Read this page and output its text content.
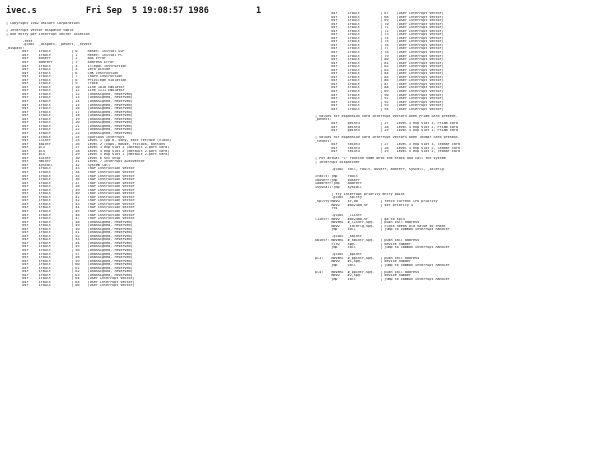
ivec.s	Fri Sep  5 19:08:57 1986	1
| Copyright 1982 UniSoft Corporation

| Interrupt vector dispatch table
| One entry per interrupt vector location

.text
.globl  _dispatc, _pevect, _tevect
_dispatc:
bsr     ifault          | 0     Reset: Initial SSP
bsr     ifault          | 1     Reset: Initial PC
bsr     buserr          | 2     Bus Error
bsr     addrerr         | 3     Address Error
bsr     ifault          | 4     Illegal Instruction
bsr     ifault          | 5     Zero Divide
bsr     ifault          | 6     CHK Instruction
bsr     ifault          | 7     TRAPV Instruction
bsr     ifault          | 8     Privilege Violation
bsr     ifault          | 9     Trace
bsr     ifault          | 10    Line 1010 Emulator
bsr     ifault          | 11    Line 1111 Emulator
bsr     ifault          | 12    (Unassigned, reserved)
bsr     ifault          | 13    (Unassigned, reserved)
bsr     ifault          | 14    (Unassigned, reserved)
bsr     ifault          | 15    (Unassigned, reserved)
bsr     ifault          | 16    (Unassigned, reserved)
bsr     ifault          | 17    (Unassigned, reserved)
bsr     ifault          | 18    (Unassigned, reserved)
bsr     ifault          | 19    (Unassigned, reserved)
bsr     ifault          | 20    (Unassigned, reserved)
bsr     ifault          | 21    (Unassigned, reserved)
bsr     ifault          | 22    (Unassigned, reserved)
bsr     ifault          | 23    (Unassigned, reserved)
bsr     ifault          | 24    Spurious Interrupt
bsr     l1intr          | 25    Level 1 (pp 0, sony, sect retrace (clock)
bsr     kbintr          | 26    Level 2 (cops, mouse, rtclock, buttons
bsr     pl3             | 27    Level 3 exp slot 3 (default 2-port card)
bsr     pl4             | 28    Level 4 exp slot 2 (default 2-port card)
bsr     pl5             | 29    Level 5 exp slot 1 (default 2-port card)
bsr     scintr          | 30    Level 6 scc chip
bsr     nmintr          | 31    Level 7 Interrupt Autovector
bsr     syscall         | 32    System Call
bsr     ifault          | 33    TRAP Instruction Vector
bsr     ifault          | 34    TRAP Instruction Vector
bsr     ifault          | 35    TRAP Instruction Vector
bsr     ifault          | 36    TRAP Instruction Vector
bsr     ifault          | 37    TRAP Instruction Vector
bsr     ifault          | 38    TRAP Instruction Vector
bsr     ifault          | 39    TRAP Instruction Vector
bsr     ifault          | 40    TRAP Instruction Vector
bsr     ifault          | 41    TRAP Instruction Vector
bsr     ifault          | 42    TRAP Instruction Vector
bsr     ifault          | 43    TRAP Instruction Vector
bsr     ifault          | 44    TRAP Instruction Vector
bsr     ifault          | 45    TRAP Instruction Vector
bsr     ifault          | 46    TRAP Instruction Vector
bsr     ifault          | 47    TRAP Instruction Vector
bsr     ifault          | 48    (Unassigned, reserved)
bsr     ifault          | 49    (Unassigned, reserved)
bsr     ifault          | 50    (Unassigned, reserved)
bsr     ifault          | 51    (Unassigned, reserved)
bsr     ifault          | 52    (Unassigned, reserved)
bsr     ifault          | 53    (Unassigned, reserved)
bsr     ifault          | 54    (Unassigned, reserved)
bsr     ifault          | 55    (Unassigned, reserved)
bsr     ifault          | 56    (Unassigned, reserved)
bsr     ifault          | 57    (Unassigned, reserved)
bsr     ifault          | 58    (Unassigned, reserved)
bsr     ifault          | 59    (Unassigned, reserved)
bsr     ifault          | 60    (Unassigned, reserved)
bsr     ifault          | 61    (Unassigned, reserved)
bsr     ifault          | 62    (Unassigned, reserved)
bsr     ifault          | 63    (Unassigned, reserved)
bsr     ifault          | 64    (User Interrupt Vector)
bsr     ifault          | 65    (User Interrupt Vector)
bsr     ifault          | 66    (User Interrupt Vector)
bsr     ifault          | 67    (User Interrupt Vector)
bsr     ifault          | 68    (User Interrupt Vector)
bsr     ifault          | 69    (User Interrupt Vector)
bsr     ifault          | 70    (User Interrupt Vector)
bsr     ifault          | 71    (User Interrupt Vector)
bsr     ifault          | 72    (User Interrupt Vector)
bsr     ifault          | 73    (User Interrupt Vector)
bsr     ifault          | 74    (User Interrupt Vector)
bsr     ifault          | 75    (User Interrupt Vector)
bsr     ifault          | 76    (User Interrupt Vector)
bsr     ifault          | 77    (User Interrupt Vector)
bsr     ifault          | 78    (User Interrupt Vector)
bsr     ifault          | 79    (User Interrupt Vector)
bsr     ifault          | 80    (User Interrupt Vector)
bsr     ifault          | 81    (User Interrupt Vector)
bsr     ifault          | 82    (User Interrupt Vector)
bsr     ifault          | 83    (User Interrupt Vector)
bsr     ifault          | 84    (User Interrupt Vector)
bsr     ifault          | 85    (User Interrupt Vector)
bsr     ifault          | 86    (User Interrupt Vector)
bsr     ifault          | 87    (User Interrupt Vector)
bsr     ifault          | 88    (User Interrupt Vector)
bsr     ifault          | 89    (User Interrupt Vector)
bsr     ifault          | 90    (User Interrupt Vector)
bsr     ifault          | 91    (User Interrupt Vector)
bsr     ifault          | 92    (User Interrupt Vector)
bsr     ifault          | 93    (User Interrupt Vector)
bsr     ifault          | 94    (User Interrupt Vector)

| Values for expansion card interrupt vectors when Priam card present.
_pevect:
bsr     peint3          | 27    Level 3 exp slot 3, Priam card
bsr     peint4          | 28    Level 4 exp slot 2, Priam card
bsr     peint5          | 29    Level 5 exp slot 1, Priam card

| Values for expansion card interrupt vectors when Tecmar card present.
_tevect:
bsr     teint3          | 27    Level 3 exp slot 3, Tecmar card
bsr     teint4          | 28    Level 4 exp slot 2, Tecmar card
bsr     teint5          | 29    Level 5 exp slot 1, Tecmar card

| Put actual "C" routine name onto the stack and call the system
| interrupt dispatcher

.globl  call, fault, buserr, addrerr, syscall, _idleflg

ifault: jmp     fault
ibuserr:jmp     buserr
iaddrerr:jmp    addrerr
isyscall:jmp    syscall

| tty interrupt priority entry point
.globl  _spltty
_spltty:movw    sr,d0           | fetch current CPU priority
movw    #0x2400,sr      | set priority 4
rts

.globl  _l1intr
l1intr: movw    #0x2400,sr      | go to spl4
moveml  #_l1intr,sp@-   | push call address
movw    _idleflg,sp@-   | clock needs old value so cheat
jmp     call            | jump to common interrupt handler

.globl  _kbintr
kbintr: moveml  #_kbintr,sp@-   | push call address
clrw    sp@-            | device number
jmp     call            | jump to common interrupt handler

.globl  _ppintr
pl3:    moveml  #_ppintr,sp@-   | push call address
movw    #1,sp@-         | device number
jmp     call            | jump to common interrupt handler

pl4:    moveml  #_ppintr,sp@-   | push call address
movw    #2,sp@-         | device number
jmp     call            | jump to common interrupt handler
